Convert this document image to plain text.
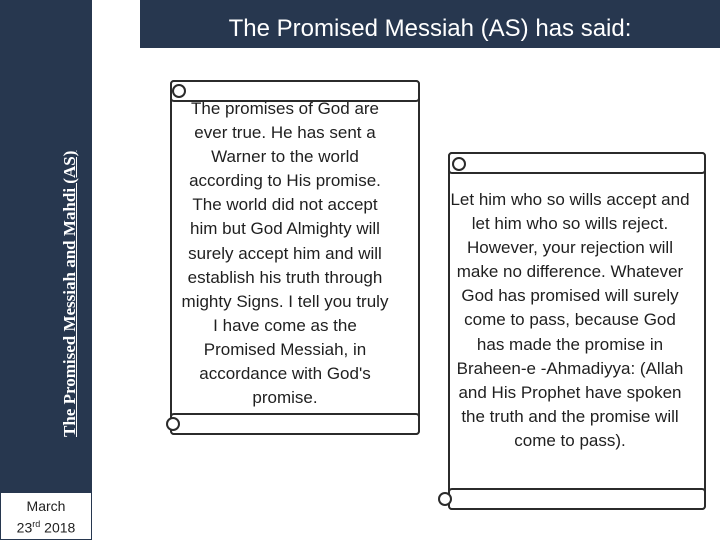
The Promised Messiah and Mahdi (AS)
March
23rd 2018
The Promised Messiah (AS) has said:
The promises of God are ever true. He has sent a Warner to the world according to His promise. The world did not accept him but God Almighty will surely accept him and will establish his truth through mighty Signs. I tell you truly I have come as the Promised Messiah, in accordance with God's promise.
Let him who so wills accept and let him who so wills reject. However, your rejection will make no difference. Whatever God has promised will surely come to pass, because God has made the promise in Braheen-e -Ahmadiyya: (Allah and His Prophet have spoken the truth and the promise will come to pass).
